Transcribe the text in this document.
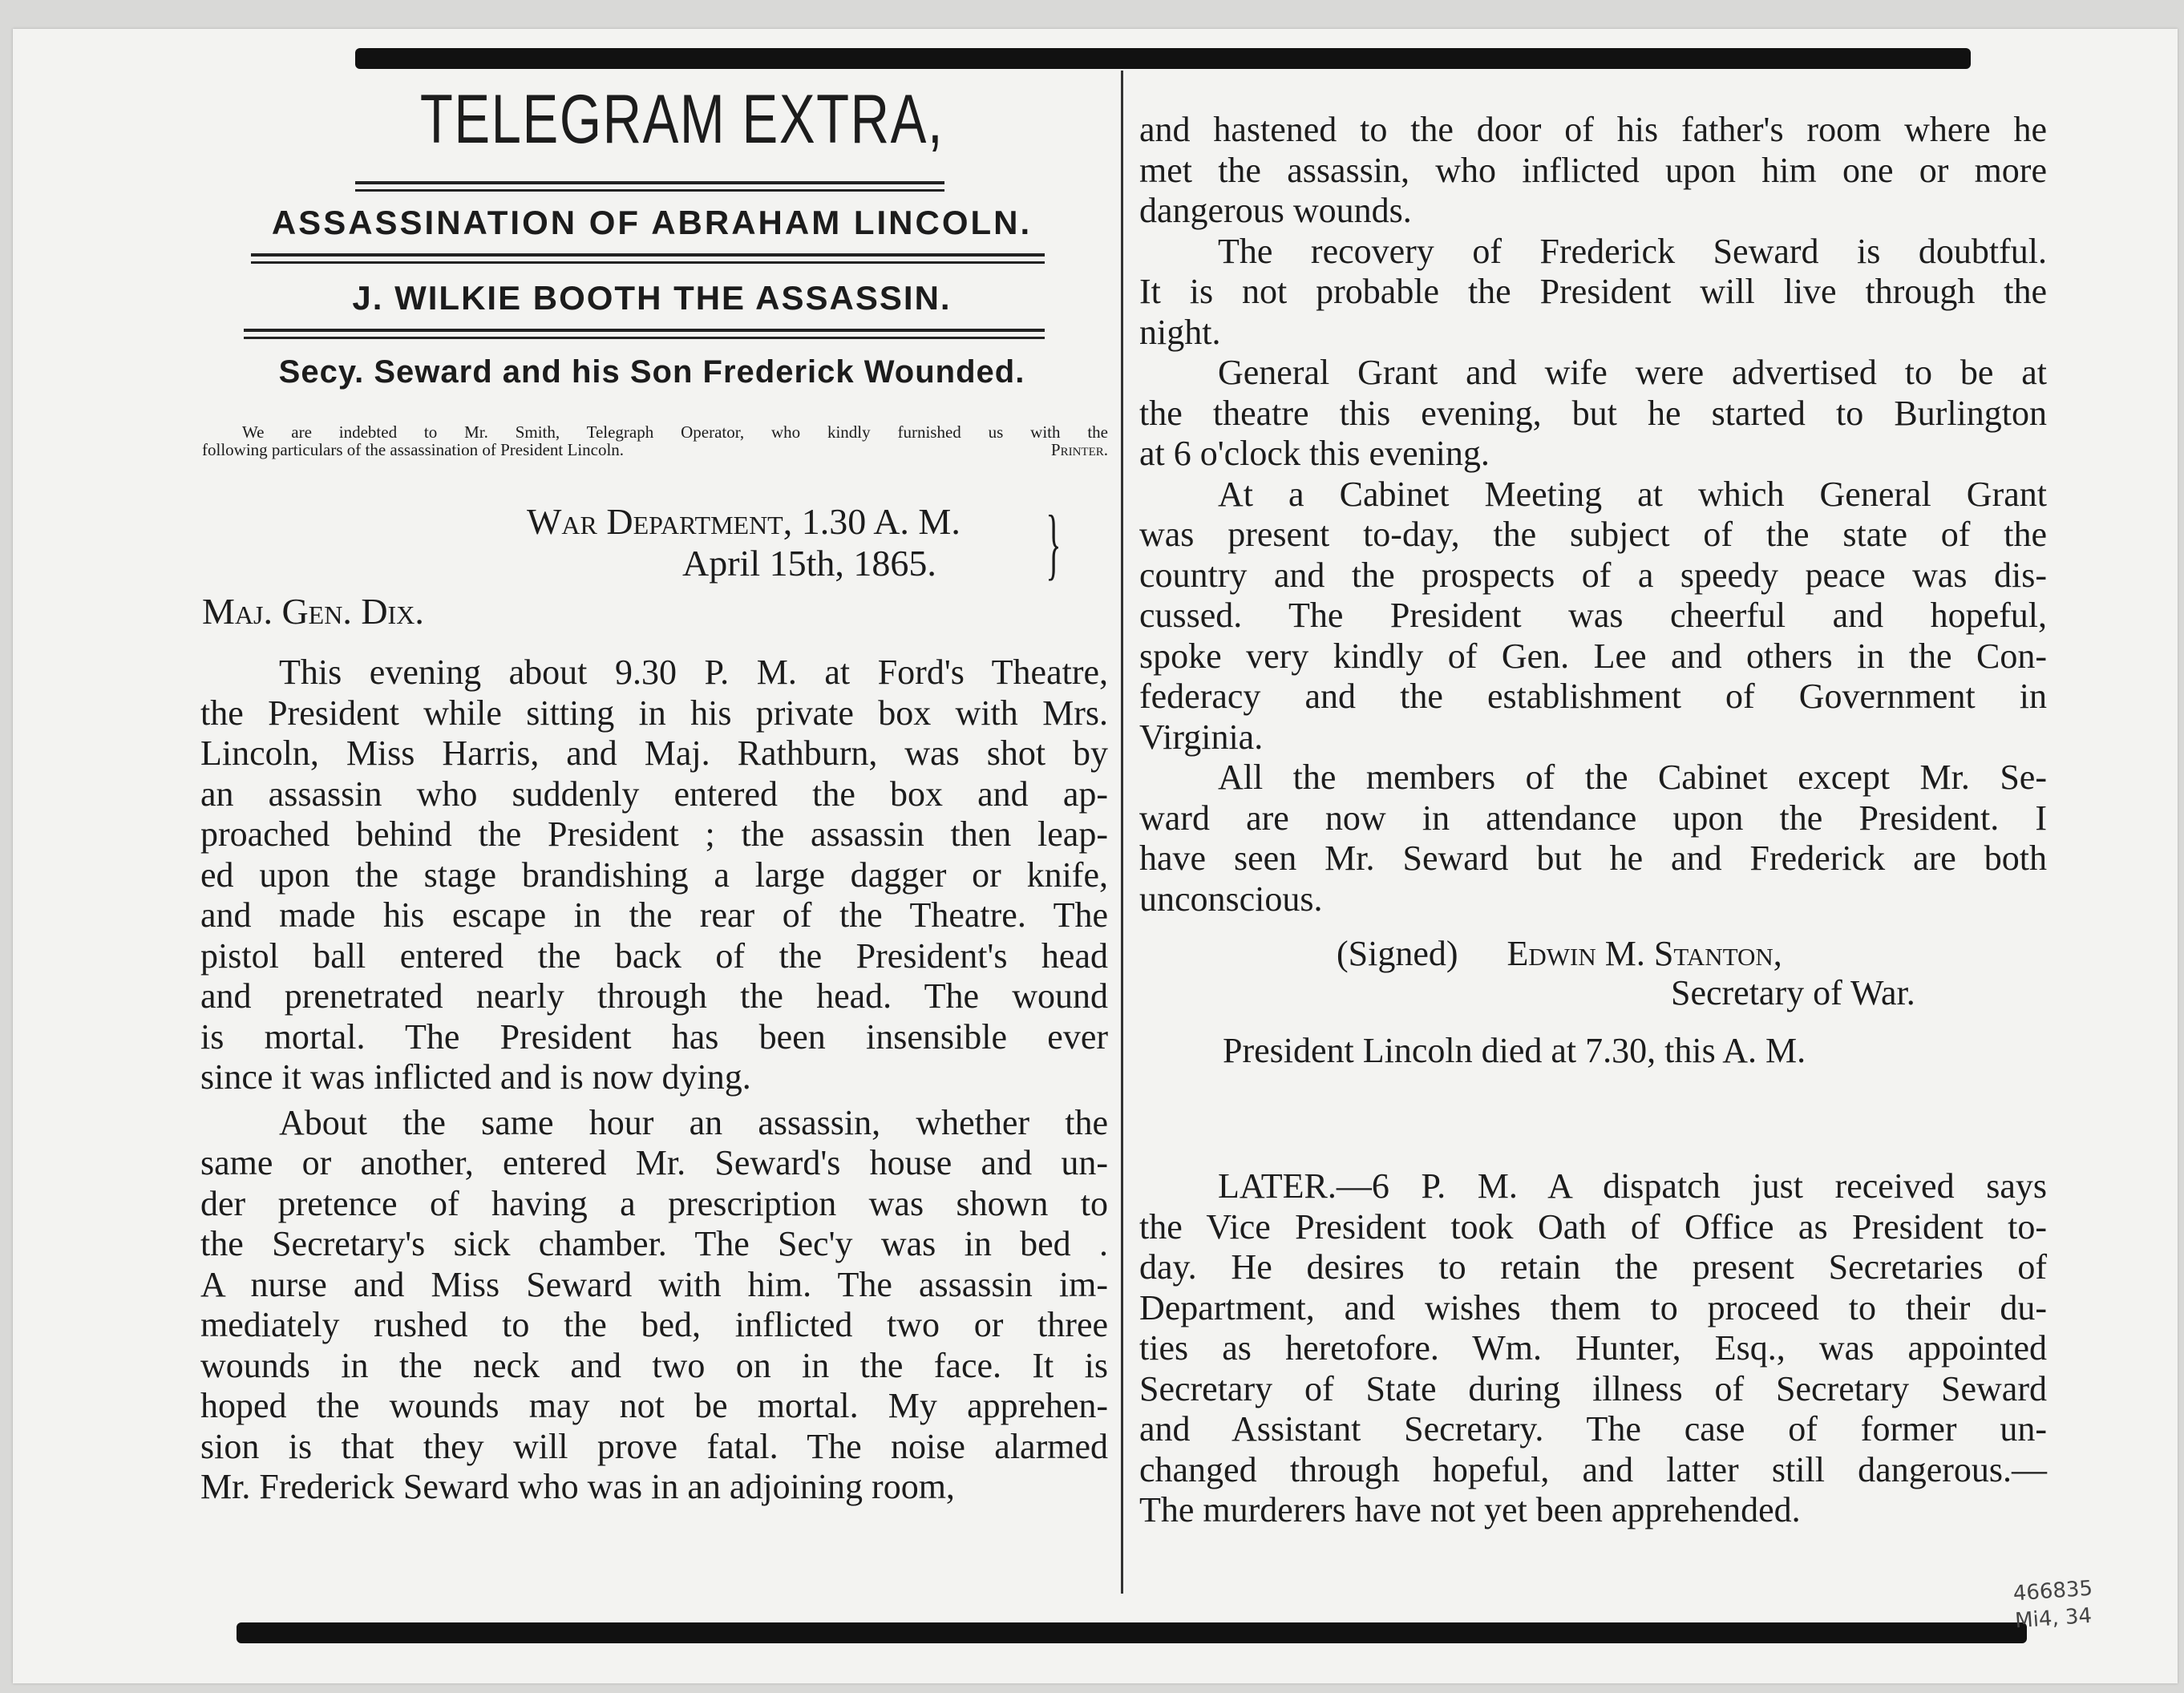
TELEGRAM EXTRA,
ASSASSINATION OF ABRAHAM LINCOLN.
J. WILKIE BOOTH THE ASSASSIN.
Secy. Seward and his Son Frederick Wounded.
We are indebted to Mr. Smith, Telegraph Operator, who kindly furnished us with the
following particulars of the assassination of President Lincoln.	Printer.
War Department, 1.30 A. M.
April 15th, 1865. }
Maj. Gen. Dix.
This evening about 9.30 P. M. at Ford's Theatre,
the President while sitting in his private box with Mrs.
Lincoln, Miss Harris, and Maj. Rathburn, was shot by
an assassin who suddenly entered the box and ap-
proached behind the President ; the assassin then leap-
ed upon the stage brandishing a large dagger or knife,
and made his escape in the rear of the Theatre. The
pistol ball entered the back of the President's head
and prenetrated nearly through the head. The wound
is mortal. The President has been insensible ever
since it was inflicted and is now dying.
About the same hour an assassin, whether the
same or another, entered Mr. Seward's house and un-
der pretence of having a prescription was shown to
the Secretary's sick chamber. The Sec'y was in bed .
A nurse and Miss Seward with him. The assassin im-
mediately rushed to the bed, inflicted two or three
wounds in the neck and two on in the face. It is
hoped the wounds may not be mortal. My apprehen-
sion is that they will prove fatal. The noise alarmed
Mr. Frederick Seward who was in an adjoining room,
and hastened to the door of his father's room where he
met the assassin, who inflicted upon him one or more
dangerous wounds.
The recovery of Frederick Seward is doubtful.
It is not probable the President will live through the
night.
General Grant and wife were advertised to be at
the theatre this evening, but he started to Burlington
at 6 o'clock this evening.
At a Cabinet Meeting at which General Grant
was present to-day, the subject of the state of the
country and the prospects of a speedy peace was dis-
cussed. The President was cheerful and hopeful,
spoke very kindly of Gen. Lee and others in the Con-
federacy and the establishment of Government in
Virginia.
All the members of the Cabinet except Mr. Se-
ward are now in attendance upon the President. I
have seen Mr. Seward but he and Frederick are both
unconscious.
(Signed) Edwin M. Stanton,
Secretary of War.
President Lincoln died at 7.30, this A. M.
LATER.—6 P. M. A dispatch just received says
the Vice President took Oath of Office as President to-
day. He desires to retain the present Secretaries of
Department, and wishes them to proceed to their du-
ties as heretofore. Wm. Hunter, Esq., was appointed
Secretary of State during illness of Secretary Seward
and Assistant Secretary. The case of former un-
changed through hopeful, and latter still dangerous.—
The murderers have not yet been apprehended.
466835
Mi4, 34
